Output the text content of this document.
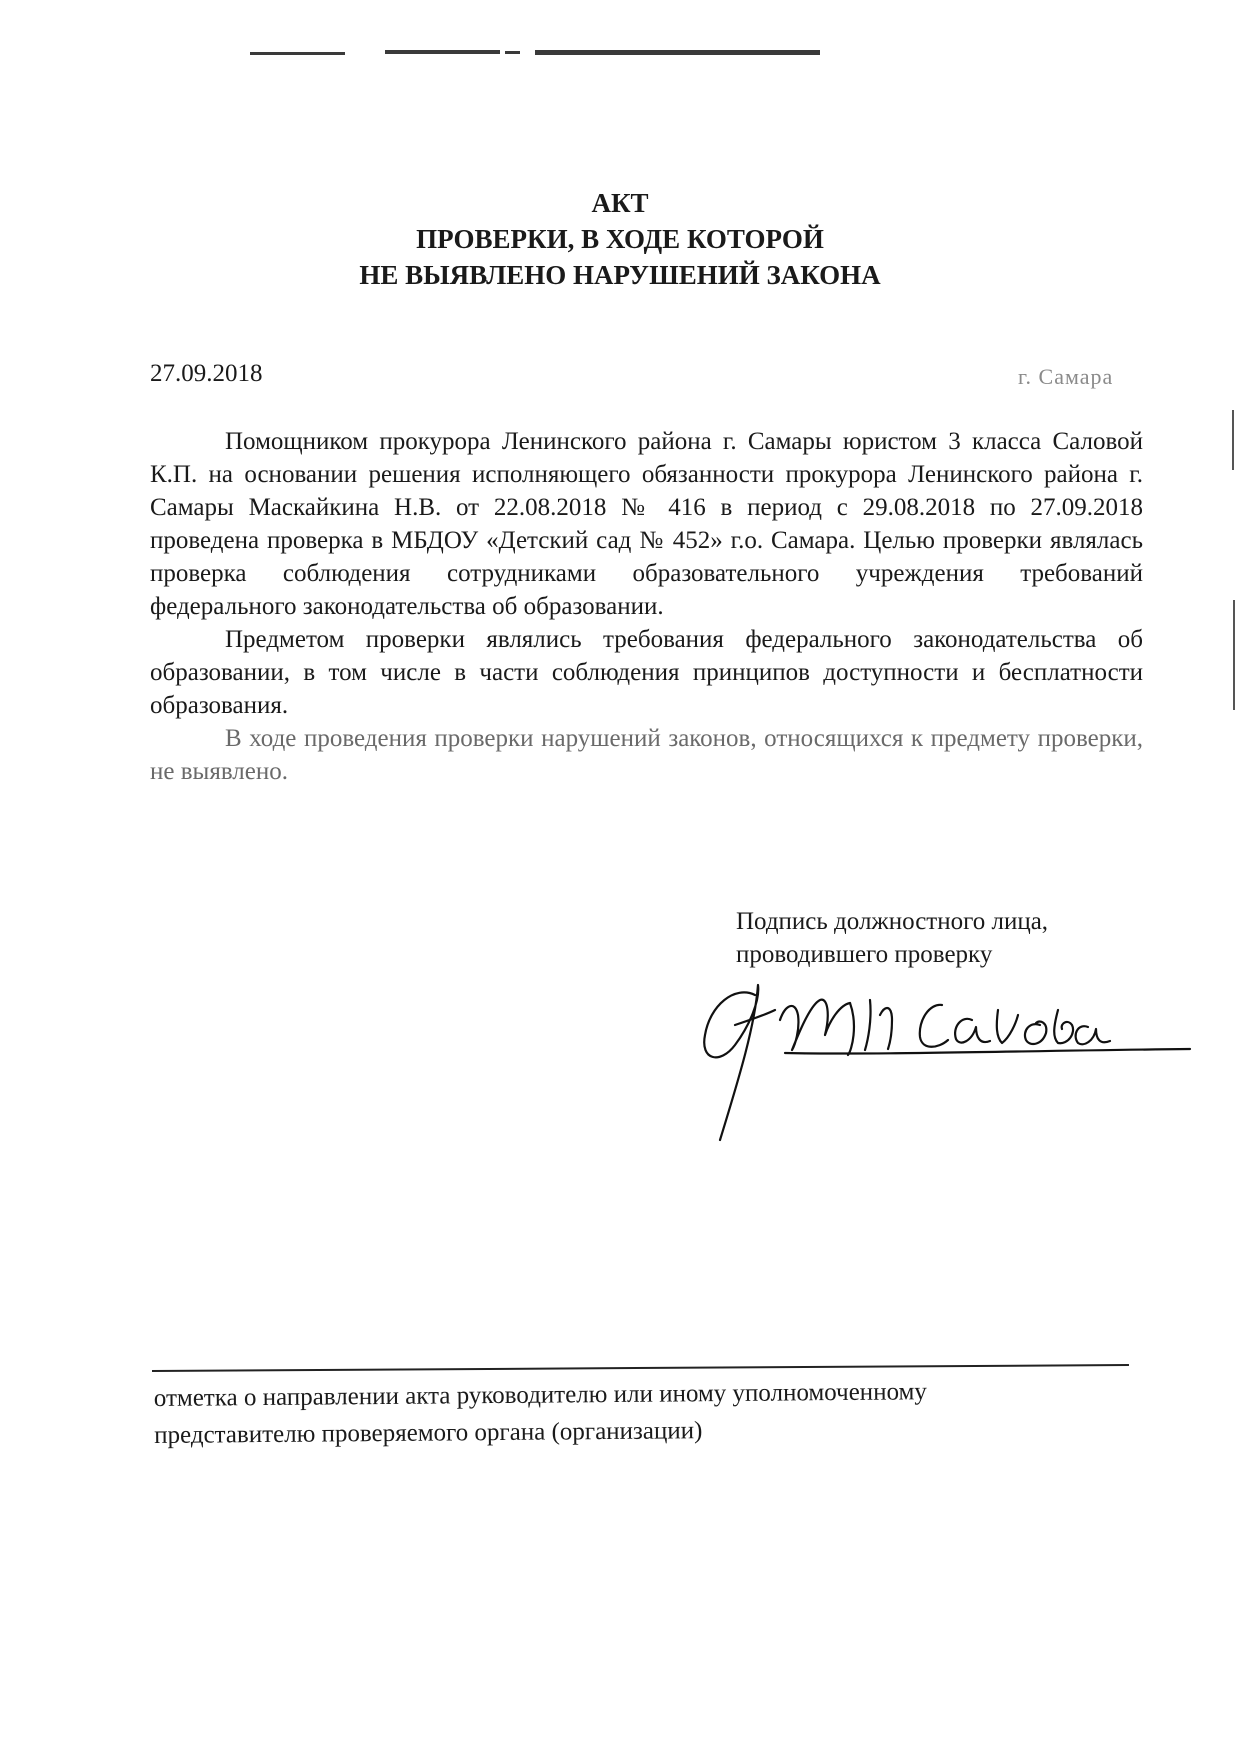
АКТ
ПРОВЕРКИ, В ХОДЕ КОТОРОЙ
НЕ ВЫЯВЛЕНО НАРУШЕНИЙ ЗАКОНА
27.09.2018	г. Самара

Помощником прокурора Ленинского района г. Самары юристом 3 класса Саловой К.П. на основании решения исполняющего обязанности прокурора Ленинского района г. Самары Маскайкина Н.В. от 22.08.2018 № 416 в период с 29.08.2018 по 27.09.2018 проведена проверка в МБДОУ «Детский сад № 452» г.о. Самара. Целью проверки являлась проверка соблюдения сотрудниками образовательного учреждения требований федерального законодательства об образовании.

Предметом проверки являлись требования федерального законодательства об образовании, в том числе в части соблюдения принципов доступности и бесплатности образования.

В ходе проведения проверки нарушений законов, относящихся к предмету проверки, не выявлено.

Подпись должностного лица,
проводившего проверку
отметка о направлении акта руководителю или иному уполномоченному
представителю проверяемого органа (организации)
